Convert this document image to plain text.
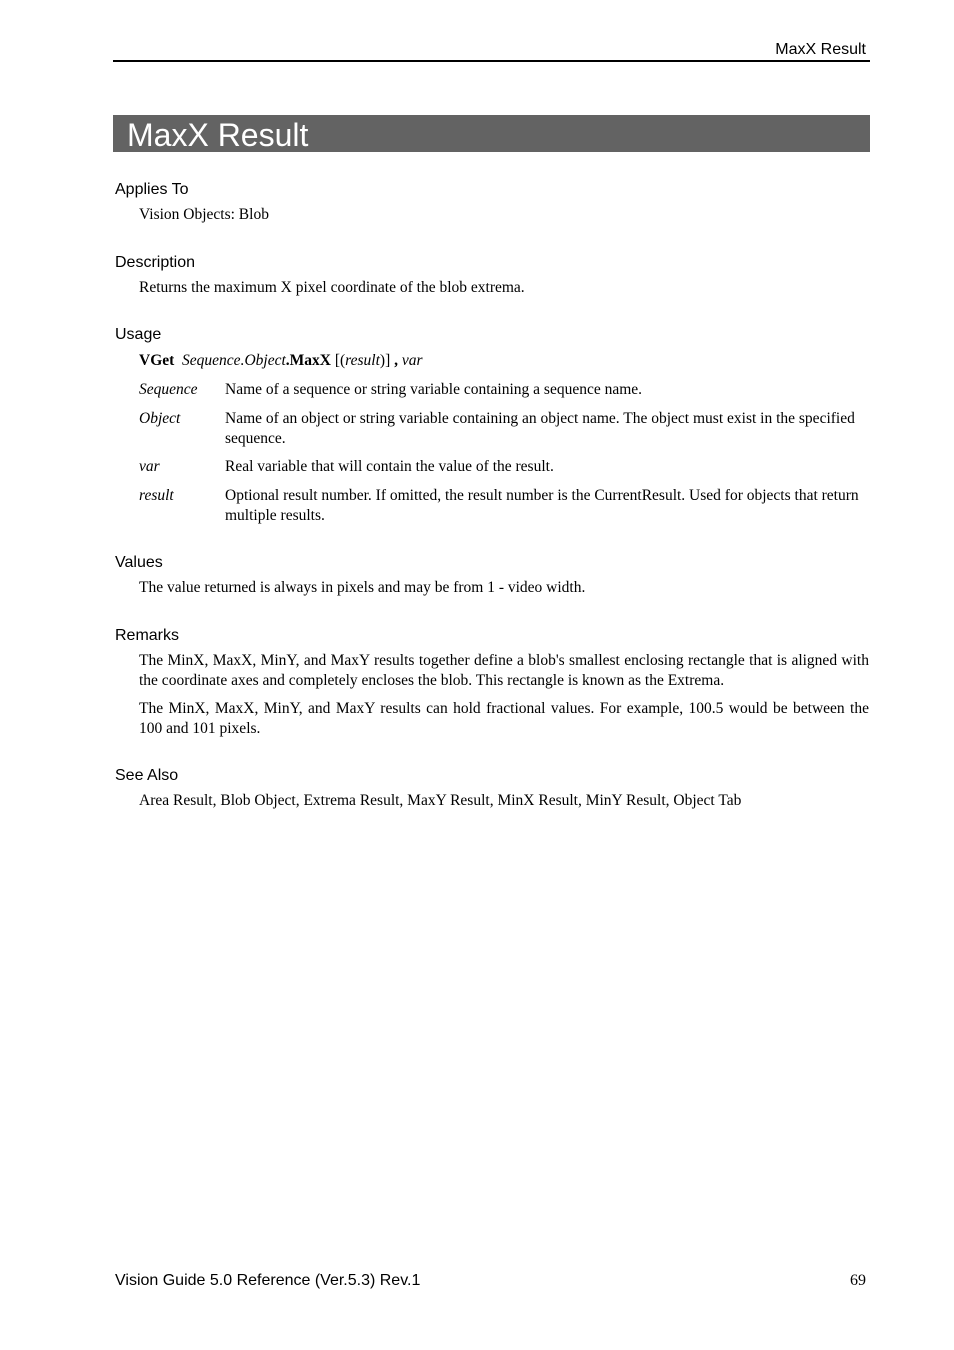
MaxX Result
MaxX Result
Applies To
Vision Objects: Blob
Description
Returns the maximum X pixel coordinate of the blob extrema.
Usage
VGet Sequence.Object.MaxX [(result)] , var
Sequence Name of a sequence or string variable containing a sequence name.
Object	Name of an object or string variable containing an object name. The object must exist in the specified sequence.
var	Real variable that will contain the value of the result.
result	Optional result number. If omitted, the result number is the CurrentResult. Used for objects that return multiple results.
Values
The value returned is always in pixels and may be from 1 - video width.
Remarks
The MinX, MaxX, MinY, and MaxY results together define a blob's smallest enclosing rectangle that is aligned with the coordinate axes and completely encloses the blob. This rectangle is known as the Extrema.
The MinX, MaxX, MinY, and MaxY results can hold fractional values. For example, 100.5 would be between the 100 and 101 pixels.
See Also
Area Result, Blob Object, Extrema Result, MaxY Result, MinX Result, MinY Result, Object Tab
Vision Guide 5.0 Reference (Ver.5.3) Rev.1	69
